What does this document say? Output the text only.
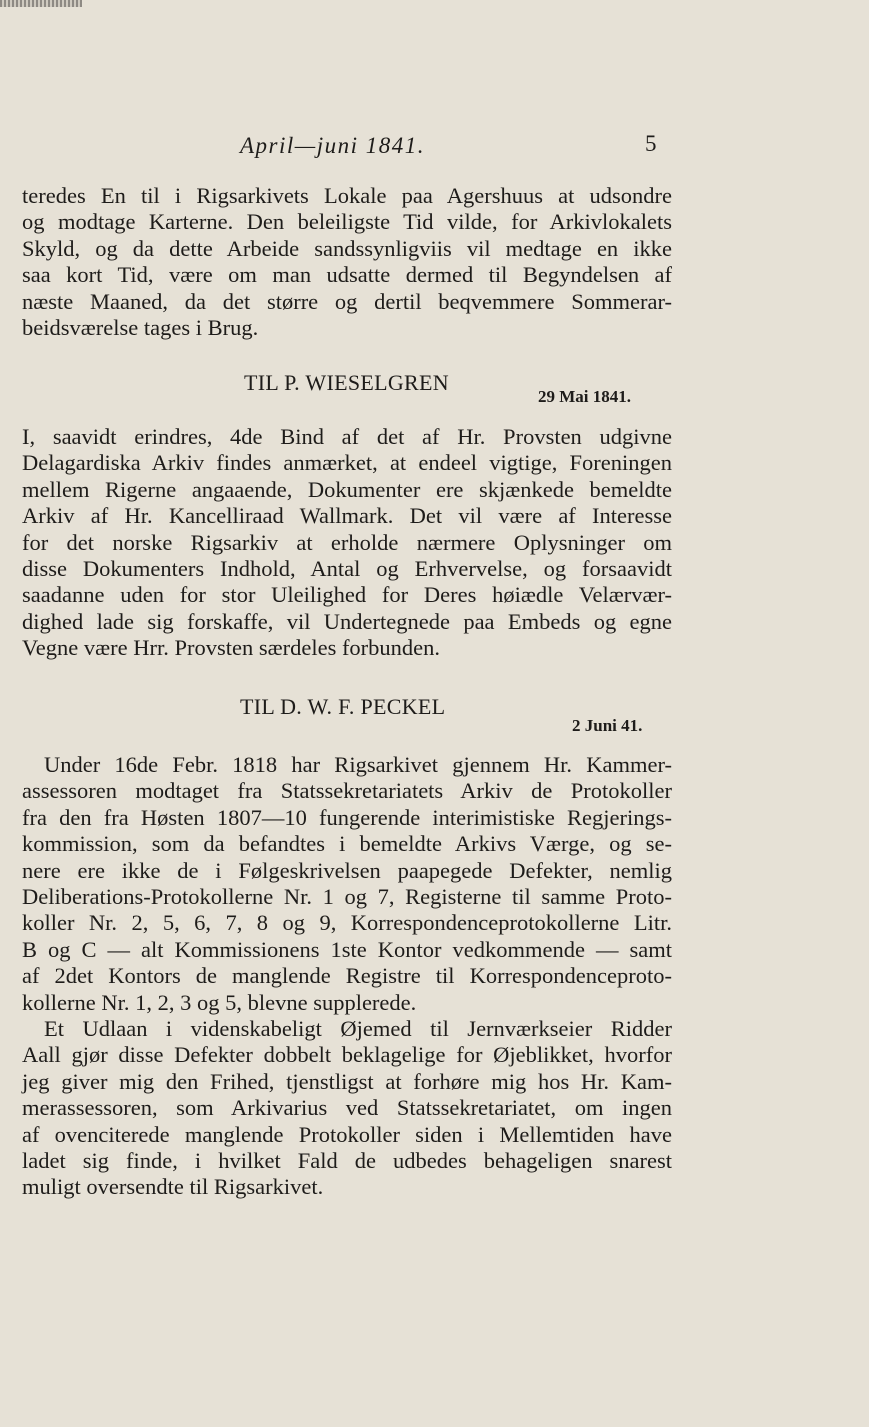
April—juni 1841.	5
teredes En til i Rigsarkivets Lokale paa Agershuus at udsondre
og modtage Karterne. Den beleiligste Tid vilde, for Arkivlokalets
Skyld, og da dette Arbeide sandssynligviis vil medtage en ikke
saa kort Tid, være om man udsatte dermed til Begyndelsen af
næste Maaned, da det større og dertil beqvemmere Sommerar-
beidsværelse tages i Brug.
TIL P. WIESELGREN
29 Mai 1841.
I, saavidt erindres, 4de Bind af det af Hr. Provsten udgivne
Delagardiska Arkiv findes anmærket, at endeel vigtige, Foreningen
mellem Rigerne angaaende, Dokumenter ere skjænkede bemeldte
Arkiv af Hr. Kancelliraad Wallmark. Det vil være af Interesse
for det norske Rigsarkiv at erholde nærmere Oplysninger om
disse Dokumenters Indhold, Antal og Erhvervelse, og forsaavidt
saadanne uden for stor Uleilighed for Deres høiædle Velærvær-
dighed lade sig forskaffe, vil Undertegnede paa Embeds og egne
Vegne være Hrr. Provsten særdeles forbunden.
TIL D. W. F. PECKEL
2 Juni 41.
Under 16de Febr. 1818 har Rigsarkivet gjennem Hr. Kammer-
assessoren modtaget fra Statssekretariatets Arkiv de Protokoller
fra den fra Høsten 1807—10 fungerende interimistiske Regjerings-
kommission, som da befandtes i bemeldte Arkivs Værge, og se-
nere ere ikke de i Følgeskrivelsen paapegede Defekter, nemlig
Deliberations-Protokollerne Nr. 1 og 7, Registerne til samme Proto-
koller Nr. 2, 5, 6, 7, 8 og 9, Korrespondenceprotokollerne Litr.
B og C — alt Kommissionens 1ste Kontor vedkommende — samt
af 2det Kontors de manglende Registre til Korrespondenceproto-
kollerne Nr. 1, 2, 3 og 5, blevne supplerede.
Et Udlaan i videnskabeligt Øjemed til Jernværkseier Ridder
Aall gjør disse Defekter dobbelt beklagelige for Øjeblikket, hvorfor
jeg giver mig den Frihed, tjenstligst at forhøre mig hos Hr. Kam-
merassessoren, som Arkivarius ved Statssekretariatet, om ingen
af ovenciterede manglende Protokoller siden i Mellemtiden have
ladet sig finde, i hvilket Fald de udbedes behageligen snarest
muligt oversendte til Rigsarkivet.
